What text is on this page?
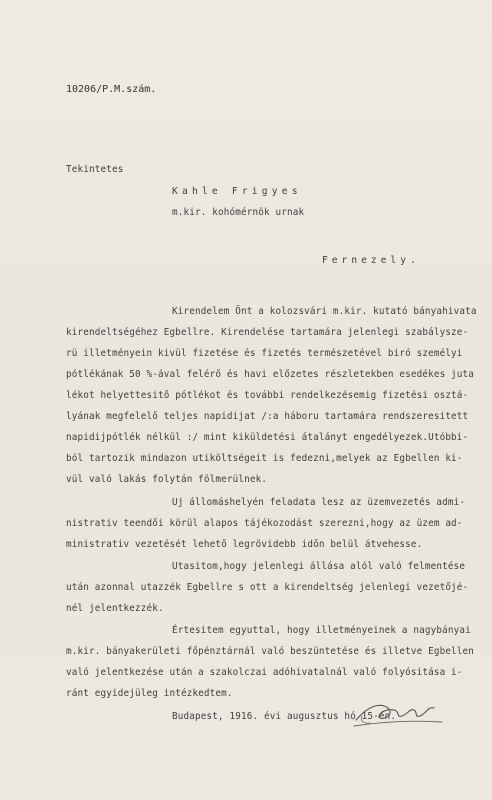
10206/P.M.szám.
Tekintetes
Kahle Frigyes
m.kir. kohómérnök urnak
Fernezely.
Kirendelem Önt a kolozsvári m.kir. kutató bányahivata
kirendeltségéhez Egbellre. Kirendelése tartamára jelenlegi szabályszе-
rü illetményein kivül fizetése és fizetés természetével biró személyi
pótlékának 50 %-ával felérő és havi előzetes részletekben esedékes juta
lékot helyettesitő pótlékot és további rendelkezésemig fizetési osztá-
lyának megfelelő teljes napidijat /:a háboru tartamára rendszeresitett
napidijpótlék nélkül :/ mint kiküldetési átalányt engedélyezek.Utóbbi-
ból tartozik mindazon utiköltségeit is fedezni,melyek az Egbellen ki-
vül való lakás folytán fölmerülnek.
Uj állomáshelyén feladata lesz az üzemvezetés admi-
nistrativ teendői körül alapos tájékozodást szerezni,hogy az üzem ad-
ministrativ vezetését lehető legrövidebb időn belül átvehesse.
Utasitom,hogy jelenlegi állása alól való felmentése
után azonnal utazzék Egbellre s ott a kirendeltség jelenlegi vezetőjé-
nél jelentkezzék.
Értesitem egyuttal, hogy illetményeinek a nagybányai
m.kir. bányakerületi főpénztárnál való beszüntetése és illetve Egbellen
való jelentkezése után a szakolczai adóhivatalnál való folyósitása i-
ránt egyidejüleg intézkedtem.
Budapest, 1916. évi augusztus hó 15-én.
